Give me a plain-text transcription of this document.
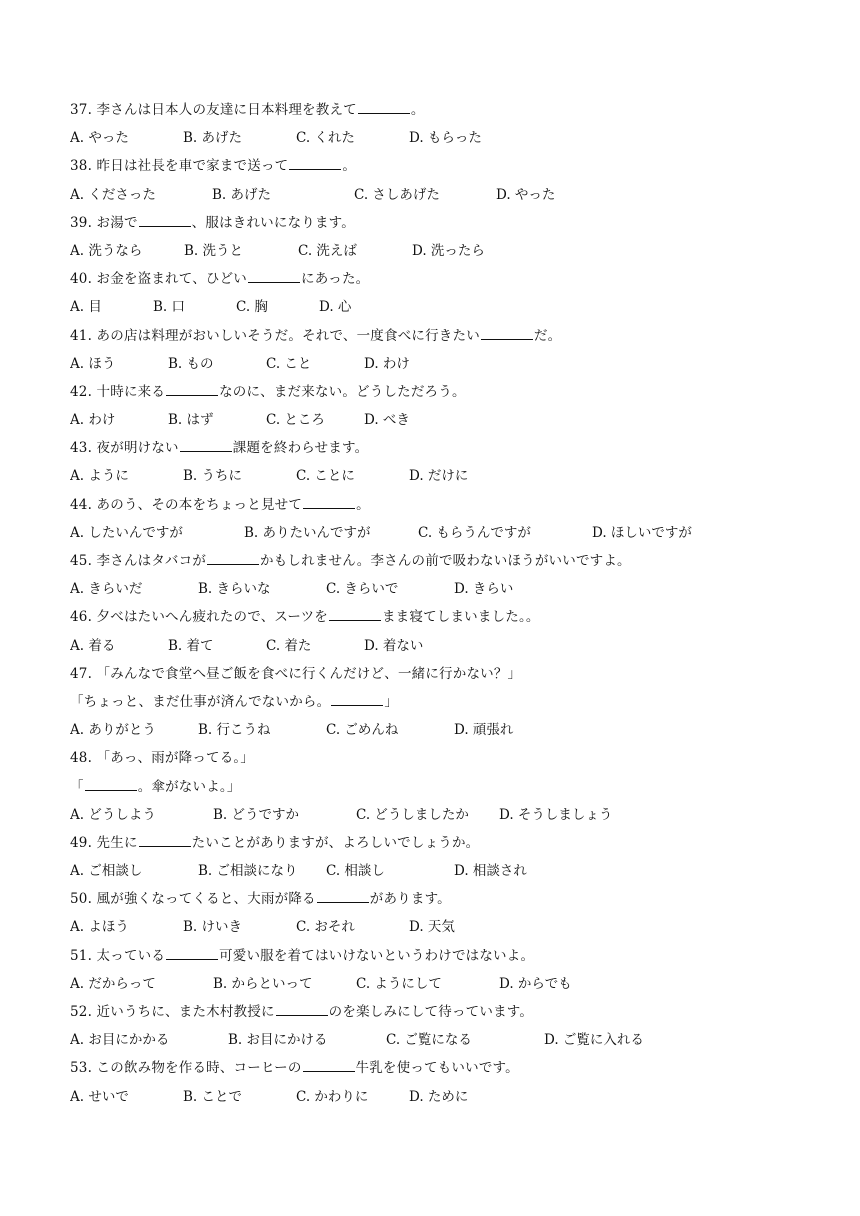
37. 李さんは日本人の友達に日本料理を教えて	。
A. やった	B. あげた	C. くれた	D. もらった
38. 昨日は社長を車で家まで送って	。
A. くださった	B. あげた	C. さしあげた	D. やった
39. お湯で	、服はきれいになります。
A. 洗うなら	B. 洗うと	C. 洗えば	D. 洗ったら
40. お金を盗まれて、ひどい	にあった。
A. 目	B. 口	C. 胸	D. 心
41. あの店は料理がおいしいそうだ。それで、一度食べに行きたい	だ。
A. ほう	B. もの	C. こと	D. わけ
42. 十時に来る	なのに、まだ来ない。どうしただろう。
A. わけ	B. はず	C. ところ	D. べき
43. 夜が明けない	課題を終わらせます。
A. ように	B. うちに	C. ことに	D. だけに
44. あのう、その本をちょっと見せて	。
A. したいんですが	B. ありたいんですが	C. もらうんですが	D. ほしいですが
45. 李さんはタバコが	かもしれません。李さんの前で吸わないほうがいいですよ。
A. きらいだ	B. きらいな	C. きらいで	D. きらい
46. 夕べはたいへん疲れたので、スーツを	まま寝てしまいました。。
A. 着る	B. 着て	C. 着た	D. 着ない
47. 「みんなで食堂へ昼ご飯を食べに行くんだけど、一緒に行かない？」
「ちょっと、まだ仕事が済んでないから。	」
A. ありがとう	B. 行こうね	C. ごめんね	D. 頑張れ
48. 「あっ、雨が降ってる。」
「	。傘がないよ。」
A. どうしよう	B. どうですか	C. どうしましたか D. そうしましょう
49. 先生に	たいことがありますが、よろしいでしょうか。
A. ご相談し	B. ご相談になり C. 相談し	D. 相談され
50. 風が強くなってくると、大雨が降る	があります。
A. よほう	B. けいき	C. おそれ	D. 天気
51. 太っている	可愛い服を着てはいけないというわけではないよ。
A. だからって	B. からといって	C. ようにして	D. からでも
52. 近いうちに、また木村教授に	のを楽しみにして待っています。
A. お目にかかる	B. お目にかける	C. ご覧になる	D. ご覧に入れる
53. この飲み物を作る時、コーヒーの	牛乳を使ってもいいです。
A. せいで	B. ことで	C. かわりに	D. ために
